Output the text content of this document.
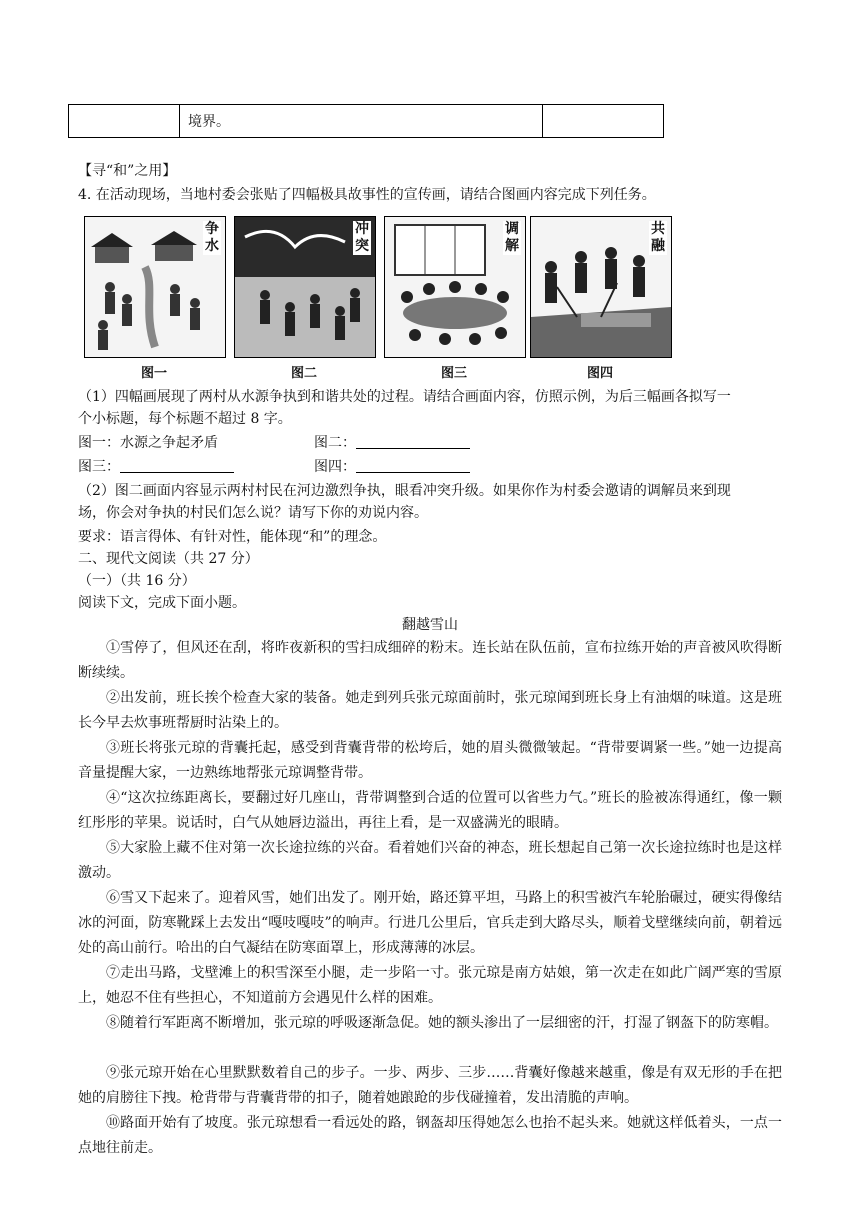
	境界。	
【寻“和”之用】
4. 在活动现场，当地村委会张贴了四幅极具故事性的宣传画，请结合图画内容完成下列任务。
争水
冲突
调解
共融
图一	图二	图三	图四
（1）四幅画展现了两村从水源争执到和谐共处的过程。请结合画面内容，仿照示例，为后三幅画各拟写一
个小标题，每个标题不超过 8 字。
图一：水源之争起矛盾	图二：
图三：	图四：
（2）图二画面内容显示两村村民在河边激烈争执，眼看冲突升级。如果你作为村委会邀请的调解员来到现
场，你会对争执的村民们怎么说？请写下你的劝说内容。
要求：语言得体、有针对性，能体现“和”的理念。
二、现代文阅读（共 27 分）
（一）（共 16 分）
阅读下文，完成下面小题。
翻越雪山
①雪停了，但风还在刮，将昨夜新积的雪扫成细碎的粉末。连长站在队伍前，宣布拉练开始的声音被风吹得断断续续。
②出发前，班长挨个检查大家的装备。她走到列兵张元琼面前时，张元琼闻到班长身上有油烟的味道。这是班长今早去炊事班帮厨时沾染上的。
③班长将张元琼的背囊托起，感受到背囊背带的松垮后，她的眉头微微皱起。“背带要调紧一些。”她一边提高音量提醒大家，一边熟练地帮张元琼调整背带。
④“这次拉练距离长，要翻过好几座山，背带调整到合适的位置可以省些力气。”班长的脸被冻得通红，像一颗红彤彤的苹果。说话时，白气从她唇边溢出，再往上看，是一双盛满光的眼睛。
⑤大家脸上藏不住对第一次长途拉练的兴奋。看着她们兴奋的神态，班长想起自己第一次长途拉练时也是这样激动。
⑥雪又下起来了。迎着风雪，她们出发了。刚开始，路还算平坦，马路上的积雪被汽车轮胎碾过，硬实得像结冰的河面，防寒靴踩上去发出“嘎吱嘎吱”的响声。行进几公里后，官兵走到大路尽头，顺着戈壁继续向前，朝着远处的高山前行。哈出的白气凝结在防寒面罩上，形成薄薄的冰层。
⑦走出马路，戈壁滩上的积雪深至小腿，走一步陷一寸。张元琼是南方姑娘，第一次走在如此广阔严寒的雪原上，她忍不住有些担心，不知道前方会遇见什么样的困难。
⑧随着行军距离不断增加，张元琼的呼吸逐渐急促。她的额头渗出了一层细密的汗，打湿了钢盔下的防寒帽。
⑨张元琼开始在心里默默数着自己的步子。一步、两步、三步……背囊好像越来越重，像是有双无形的手在把她的肩膀往下拽。枪背带与背囊背带的扣子，随着她踉跄的步伐碰撞着，发出清脆的声响。
⑩路面开始有了坡度。张元琼想看一看远处的路，钢盔却压得她怎么也抬不起头来。她就这样低着头，一点一点地往前走。
